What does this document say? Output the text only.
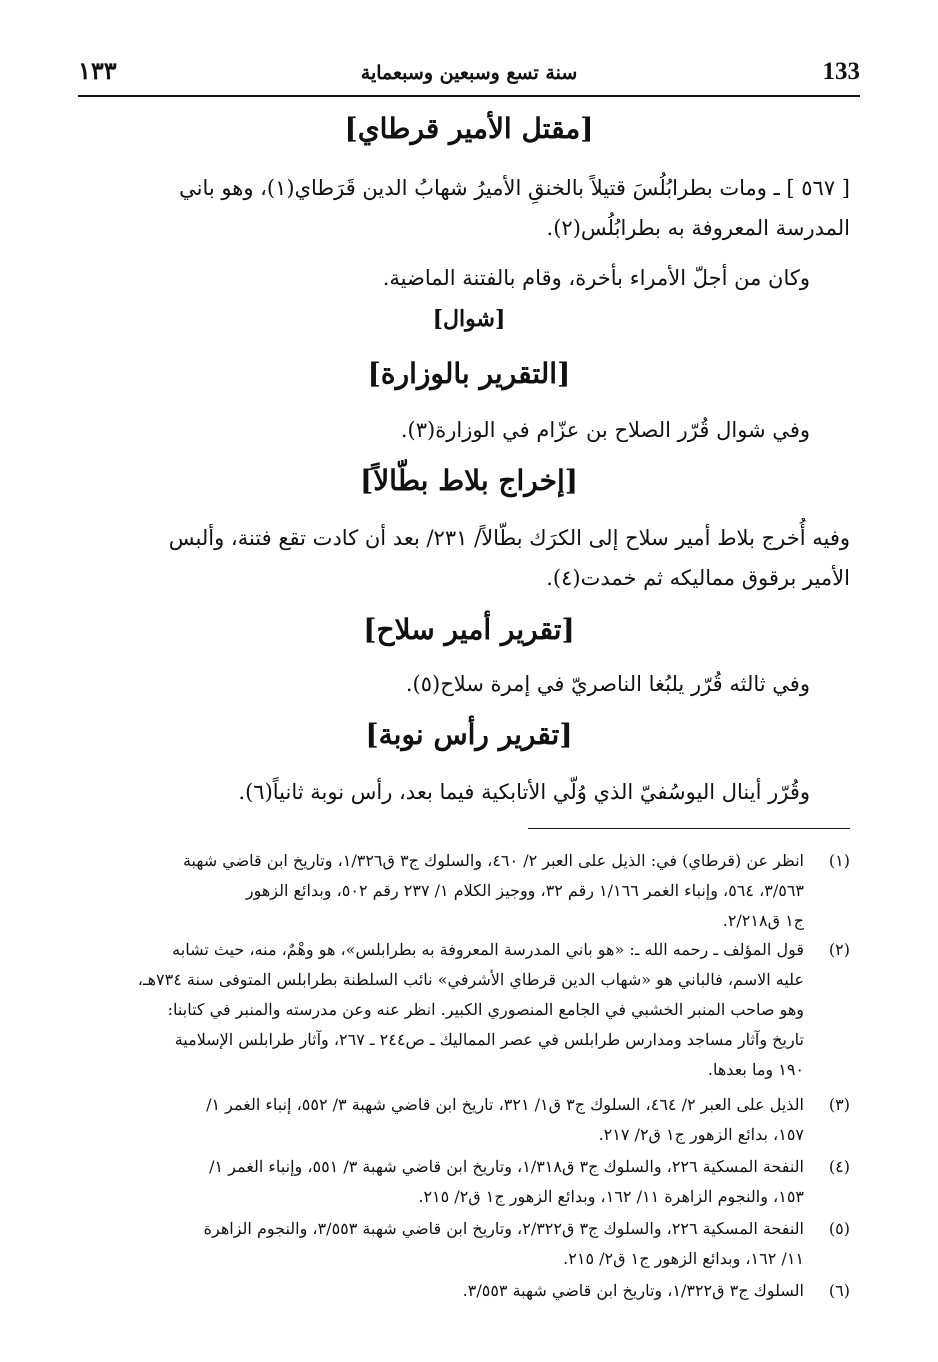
133
سنة تسع وسبعين وسبعماية
١٣٣
[مقتل الأمير قرطاي]
[ ٥٦٧ ] ـ ومات بطرابُلُسَ قتيلاً بالخنقِ الأميرُ شهابُ الدين قَرَطاي(١)، وهو باني
المدرسة المعروفة به بطرابُلُس(٢).
وكان من أجلّ الأمراء بأخرة، وقام بالفتنة الماضية.
[شوال]
[التقرير بالوزارة]
وفي شوال قُرّر الصلاح بن عزّام في الوزارة(٣).
[إخراج بلاط بطّالاً]
وفيه أُخرج بلاط أمير سلاح إلى الكرَك بطّالاً/ ٢٣١/ بعد أن كادت تقع فتنة، وألبس
الأمير برقوق مماليكه ثم خمدت(٤).
[تقرير أمير سلاح]
وفي ثالثه قُرّر يلبُغا الناصريّ في إمرة سلاح(٥).
[تقرير رأس نوبة]
وقُرّر أينال اليوسُفيّ الذي وُلّي الأتابكية فيما بعد، رأس نوبة ثانياً(٦).
(١)
انظر عن (قرطاي) في: الذيل على العبر ٢/ ٤٦٠، والسلوك ج٣ ق١/٣٢٦، وتاريخ ابن قاضي شهبة
٣/٥٦٣، ٥٦٤، وإنباء الغمر ١/١٦٦ رقم ٣٢، ووجيز الكلام ١/ ٢٣٧ رقم ٥٠٢، وبدائع الزهور
ج١ ق٢/٢١٨.
(٢)
قول المؤلف ـ رحمه الله ـ: «هو باني المدرسة المعروفة به بطرابلس»، هو وهْمٌ، منه، حيث تشابه
عليه الاسم، فالباني هو «شهاب الدين قرطاي الأشرفي» نائب السلطنة بطرابلس المتوفى سنة ٧٣٤هـ،
وهو صاحب المنبر الخشبي في الجامع المنصوري الكبير. انظر عنه وعن مدرسته والمنبر في كتابنا:
تاريخ وآثار مساجد ومدارس طرابلس في عصر المماليك ـ ص٢٤٤ ـ ٢٦٧، وآثار طرابلس الإسلامية
١٩٠ وما بعدها.
(٣)
الذيل على العبر ٢/ ٤٦٤، السلوك ج٣ ق١/ ٣٢١، تاريخ ابن قاضي شهبة ٣/ ٥٥٢، إنباء الغمر ١/
١٥٧، بدائع الزهور ج١ ق٢/ ٢١٧.
(٤)
النفحة المسكية ٢٢٦، والسلوك ج٣ ق١/٣١٨، وتاريخ ابن قاضي شهبة ٣/ ٥٥١، وإنباء الغمر ١/
١٥٣، والنجوم الزاهرة ١١/ ١٦٢، وبدائع الزهور ج١ ق٢/ ٢١٥.
(٥)
النفحة المسكية ٢٢٦، والسلوك ج٣ ق٢/٣٢٢، وتاريخ ابن قاضي شهبة ٣/٥٥٣، والنجوم الزاهرة
١١/ ١٦٢، وبدائع الزهور ج١ ق٢/ ٢١٥.
(٦)
السلوك ج٣ ق١/٣٢٢، وتاريخ ابن قاضي شهبة ٣/٥٥٣.
